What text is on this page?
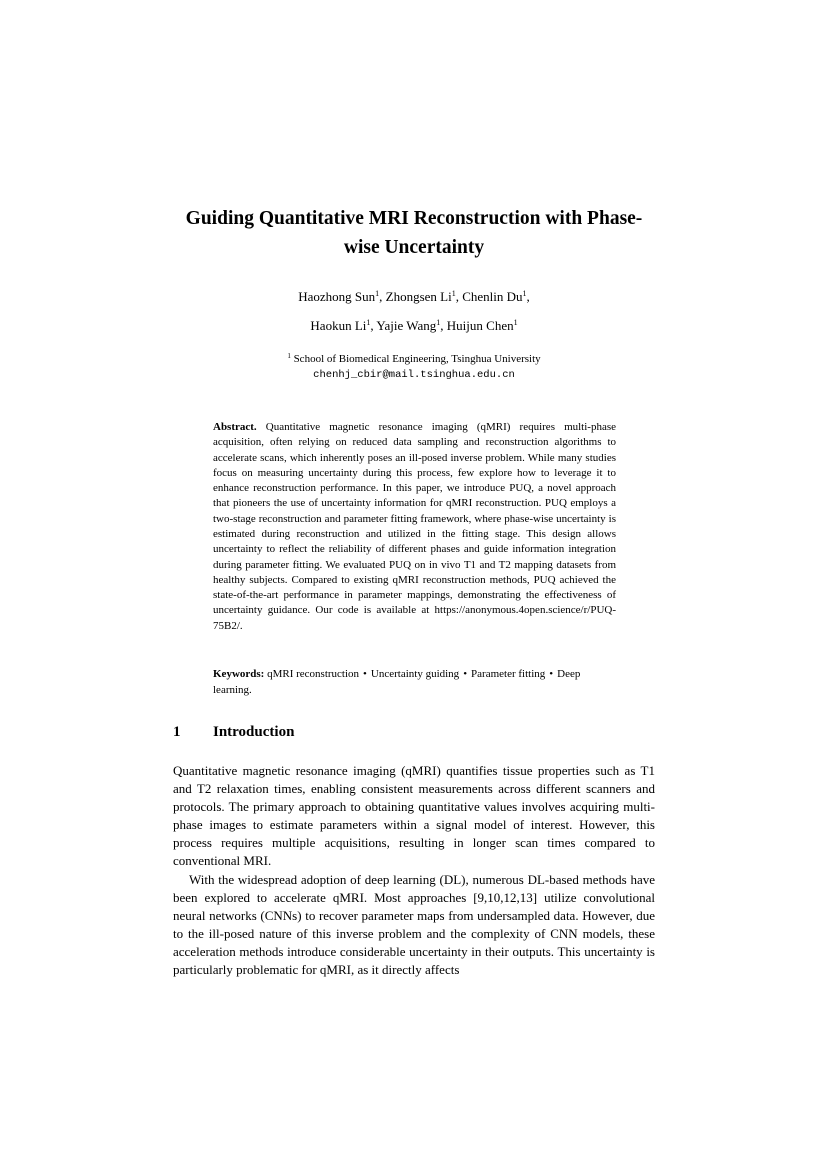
Guiding Quantitative MRI Reconstruction with Phase-
wise Uncertainty
Haozhong Sun$^1$, Zhongsen Li$^1$, Chenlin Du$^1$,
Haokun Li$^1$, Yajie Wang$^1$, Huijun Chen$^1$
$^1$ School of Biomedical Engineering, Tsinghua University
chenhj_cbir@mail.tsinghua.edu.cn

Abstract. Quantitative magnetic resonance imaging (qMRI) requires multi-phase acquisition, often relying on reduced data sampling and reconstruction algorithms to accelerate scans, which inherently poses an ill-posed inverse problem. While many studies focus on measuring uncertainty during this process, few explore how to leverage it to enhance reconstruction performance. In this paper, we introduce PUQ, a novel approach that pioneers the use of uncertainty information for qMRI reconstruction. PUQ employs a two-stage reconstruction and parameter fitting framework, where phase-wise uncertainty is estimated during reconstruction and utilized in the fitting stage. This design allows uncertainty to reflect the reliability of different phases and guide information integration during parameter fitting. We evaluated PUQ on in vivo T1 and T2 mapping datasets from healthy subjects. Compared to existing qMRI reconstruction methods, PUQ achieved the state-of-the-art performance in parameter mappings, demonstrating the effectiveness of uncertainty guidance. Our code is available at https://anonymous.4open.science/r/PUQ-75B2/.

Keywords: qMRI reconstruction • Uncertainty guiding • Parameter fitting • Deep learning.
1 Introduction

Quantitative magnetic resonance imaging (qMRI) quantifies tissue properties such as T1 and T2 relaxation times, enabling consistent measurements across different scanners and protocols. The primary approach to obtaining quantitative values involves acquiring multi-phase images to estimate parameters within a signal model of interest. However, this process requires multiple acquisitions, resulting in longer scan times compared to conventional MRI.

With the widespread adoption of deep learning (DL), numerous DL-based methods have been explored to accelerate qMRI. Most approaches [9,10,12,13] utilize convolutional neural networks (CNNs) to recover parameter maps from undersampled data. However, due to the ill-posed nature of this inverse problem and the complexity of CNN models, these acceleration methods introduce considerable uncertainty in their outputs. This uncertainty is particularly problematic for qMRI, as it directly affects
